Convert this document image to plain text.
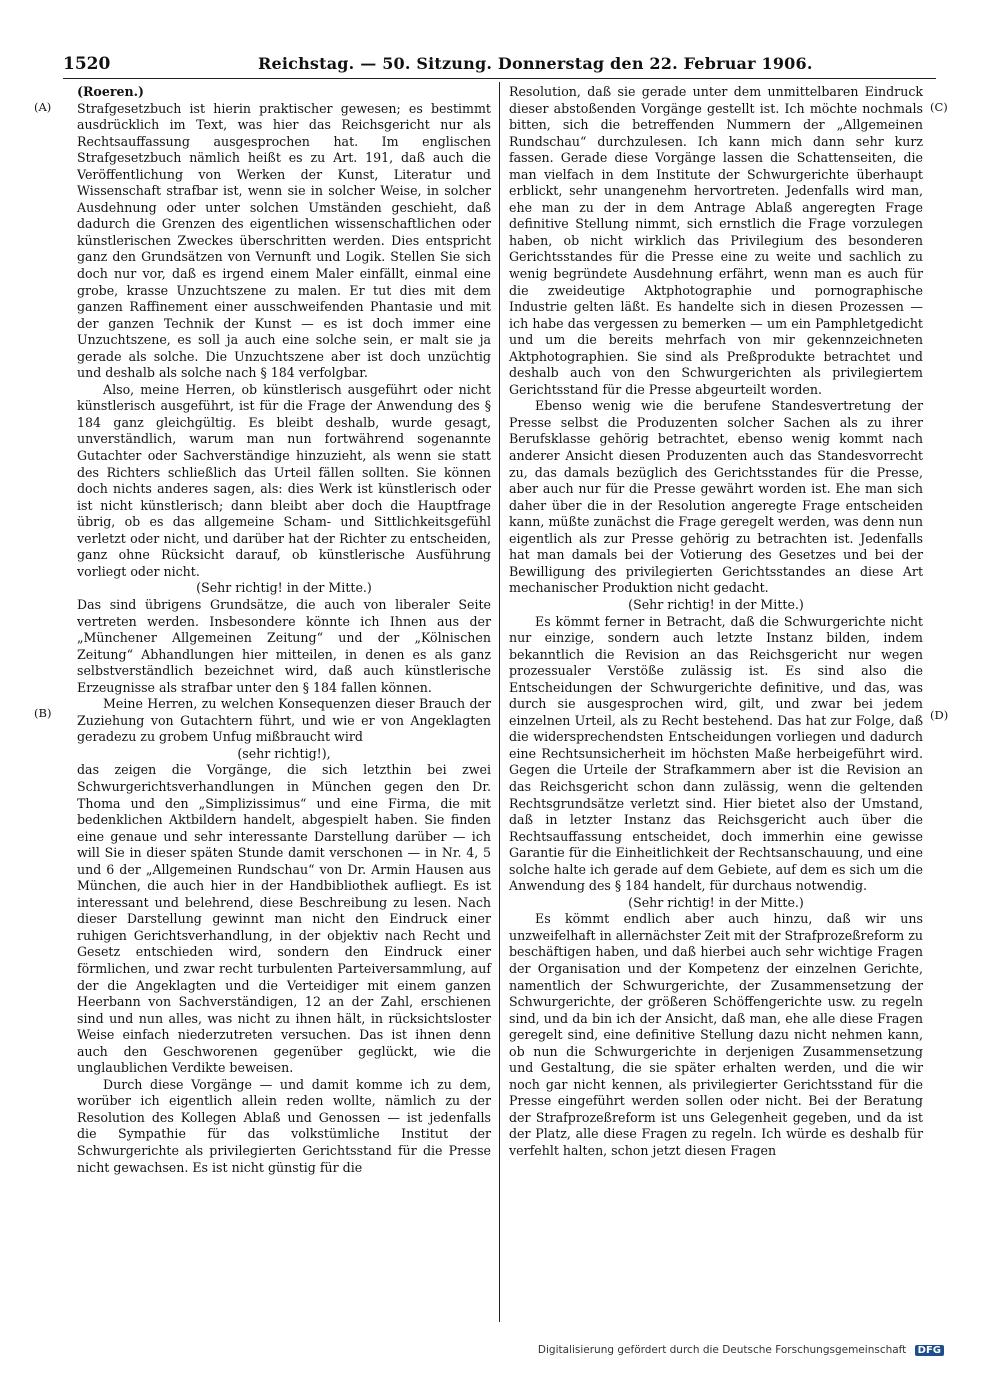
1520	Reichstag. — 50. Sitzung. Donnerstag den 22. Februar 1906.
(A)
(B)
(C)
(D)
(Roeren.)

Strafgesetzbuch ist hierin praktischer gewesen; es bestimmt ausdrücklich im Text, was hier das Reichsgericht nur als Rechtsauffassung ausgesprochen hat. Im englischen Strafgesetzbuch nämlich heißt es zu Art. 191, daß auch die Veröffentlichung von Werken der Kunst, Literatur und Wissenschaft strafbar ist, wenn sie in solcher Weise, in solcher Ausdehnung oder unter solchen Umständen geschieht, daß dadurch die Grenzen des eigentlichen wissenschaftlichen oder künstlerischen Zweckes überschritten werden. Dies entspricht ganz den Grundsätzen von Vernunft und Logik. Stellen Sie sich doch nur vor, daß es irgend einem Maler einfällt, einmal eine grobe, krasse Unzuchtszene zu malen. Er tut dies mit dem ganzen Raffinement einer ausschweifenden Phantasie und mit der ganzen Technik der Kunst — es ist doch immer eine Unzuchtszene, es soll ja auch eine solche sein, er malt sie ja gerade als solche. Die Unzuchtszene aber ist doch unzüchtig und deshalb als solche nach § 184 verfolgbar.

Also, meine Herren, ob künstlerisch ausgeführt oder nicht künstlerisch ausgeführt, ist für die Frage der Anwendung des § 184 ganz gleichgültig. Es bleibt deshalb, wurde gesagt, unverständlich, warum man nun fortwährend sogenannte Gutachter oder Sachverständige hinzuzieht, als wenn sie statt des Richters schließlich das Urteil fällen sollten. Sie können doch nichts anderes sagen, als: dies Werk ist künstlerisch oder ist nicht künstlerisch; dann bleibt aber doch die Hauptfrage übrig, ob es das allgemeine Scham- und Sittlichkeitsgefühl verletzt oder nicht, und darüber hat der Richter zu entscheiden, ganz ohne Rücksicht darauf, ob künstlerische Ausführung vorliegt oder nicht.

(Sehr richtig! in der Mitte.)

Das sind übrigens Grundsätze, die auch von liberaler Seite vertreten werden. Insbesondere könnte ich Ihnen aus der „Münchener Allgemeinen Zeitung“ und der „Kölnischen Zeitung“ Abhandlungen hier mitteilen, in denen es als ganz selbstverständlich bezeichnet wird, daß auch künstlerische Erzeugnisse als strafbar unter den § 184 fallen können.

Meine Herren, zu welchen Konsequenzen dieser Brauch der Zuziehung von Gutachtern führt, und wie er von Angeklagten geradezu zu grobem Unfug mißbraucht wird

(sehr richtig!),

das zeigen die Vorgänge, die sich letzthin bei zwei Schwurgerichtsverhandlungen in München gegen den Dr. Thoma und den „Simplizissimus“ und eine Firma, die mit bedenklichen Aktbildern handelt, abgespielt haben. Sie finden eine genaue und sehr interessante Darstellung darüber — ich will Sie in dieser späten Stunde damit verschonen — in Nr. 4, 5 und 6 der „Allgemeinen Rundschau“ von Dr. Armin Hausen aus München, die auch hier in der Handbibliothek aufliegt. Es ist interessant und belehrend, diese Beschreibung zu lesen. Nach dieser Darstellung gewinnt man nicht den Eindruck einer ruhigen Gerichtsverhandlung, in der objektiv nach Recht und Gesetz entschieden wird, sondern den Eindruck einer förmlichen, und zwar recht turbulenten Parteiversammlung, auf der die Angeklagten und die Verteidiger mit einem ganzen Heerbann von Sachverständigen, 12 an der Zahl, erschienen sind und nun alles, was nicht zu ihnen hält, in rücksichtsloster Weise einfach niederzutreten versuchen. Das ist ihnen denn auch den Geschworenen gegenüber geglückt, wie die unglaublichen Verdikte beweisen.

Durch diese Vorgänge — und damit komme ich zu dem, worüber ich eigentlich allein reden wollte, nämlich zu der Resolution des Kollegen Ablaß und Genossen — ist jedenfalls die Sympathie für das volkstümliche Institut der Schwurgerichte als privilegierten Gerichtsstand für die Presse nicht gewachsen. Es ist nicht günstig für die

Resolution, daß sie gerade unter dem unmittelbaren Eindruck dieser abstoßenden Vorgänge gestellt ist. Ich möchte nochmals bitten, sich die betreffenden Nummern der „Allgemeinen Rundschau“ durchzulesen. Ich kann mich dann sehr kurz fassen. Gerade diese Vorgänge lassen die Schattenseiten, die man vielfach in dem Institute der Schwurgerichte überhaupt erblickt, sehr unangenehm hervortreten. Jedenfalls wird man, ehe man zu der in dem Antrage Ablaß angeregten Frage definitive Stellung nimmt, sich ernstlich die Frage vorzulegen haben, ob nicht wirklich das Privilegium des besonderen Gerichtsstandes für die Presse eine zu weite und sachlich zu wenig begründete Ausdehnung erfährt, wenn man es auch für die zweideutige Aktphotographie und pornographische Industrie gelten läßt. Es handelte sich in diesen Prozessen — ich habe das vergessen zu bemerken — um ein Pamphletgedicht und um die bereits mehrfach von mir gekennzeichneten Aktphotographien. Sie sind als Preßprodukte betrachtet und deshalb auch von den Schwurgerichten als privilegiertem Gerichtsstand für die Presse abgeurteilt worden.

Ebenso wenig wie die berufene Standesvertretung der Presse selbst die Produzenten solcher Sachen als zu ihrer Berufsklasse gehörig betrachtet, ebenso wenig kommt nach anderer Ansicht diesen Produzenten auch das Standesvorrecht zu, das damals bezüglich des Gerichtsstandes für die Presse, aber auch nur für die Presse gewährt worden ist. Ehe man sich daher über die in der Resolution angeregte Frage entscheiden kann, müßte zunächst die Frage geregelt werden, was denn nun eigentlich als zur Presse gehörig zu betrachten ist. Jedenfalls hat man damals bei der Votierung des Gesetzes und bei der Bewilligung des privilegierten Gerichtsstandes an diese Art mechanischer Produktion nicht gedacht.

(Sehr richtig! in der Mitte.)

Es kömmt ferner in Betracht, daß die Schwurgerichte nicht nur einzige, sondern auch letzte Instanz bilden, indem bekanntlich die Revision an das Reichsgericht nur wegen prozessualer Verstöße zulässig ist. Es sind also die Entscheidungen der Schwurgerichte definitive, und das, was durch sie ausgesprochen wird, gilt, und zwar bei jedem einzelnen Urteil, als zu Recht bestehend. Das hat zur Folge, daß die widersprechendsten Entscheidungen vorliegen und dadurch eine Rechtsunsicherheit im höchsten Maße herbeigeführt wird. Gegen die Urteile der Strafkammern aber ist die Revision an das Reichsgericht schon dann zulässig, wenn die geltenden Rechtsgrundsätze verletzt sind. Hier bietet also der Umstand, daß in letzter Instanz das Reichsgericht auch über die Rechtsauffassung entscheidet, doch immerhin eine gewisse Garantie für die Einheitlichkeit der Rechtsanschauung, und eine solche halte ich gerade auf dem Gebiete, auf dem es sich um die Anwendung des § 184 handelt, für durchaus notwendig.

(Sehr richtig! in der Mitte.)

Es kömmt endlich aber auch hinzu, daß wir uns unzweifelhaft in allernächster Zeit mit der Strafprozeßreform zu beschäftigen haben, und daß hierbei auch sehr wichtige Fragen der Organisation und der Kompetenz der einzelnen Gerichte, namentlich der Schwurgerichte, der Zusammensetzung der Schwurgerichte, der größeren Schöffengerichte usw. zu regeln sind, und da bin ich der Ansicht, daß man, ehe alle diese Fragen geregelt sind, eine definitive Stellung dazu nicht nehmen kann, ob nun die Schwurgerichte in derjenigen Zusammensetzung und Gestaltung, die sie später erhalten werden, und die wir noch gar nicht kennen, als privilegierter Gerichtsstand für die Presse eingeführt werden sollen oder nicht. Bei der Beratung der Strafprozeßreform ist uns Gelegenheit gegeben, und da ist der Platz, alle diese Fragen zu regeln. Ich würde es deshalb für verfehlt halten, schon jetzt diesen Fragen

Digitalisierung gefördert durch die Deutsche Forschungsgemeinschaft DFG
